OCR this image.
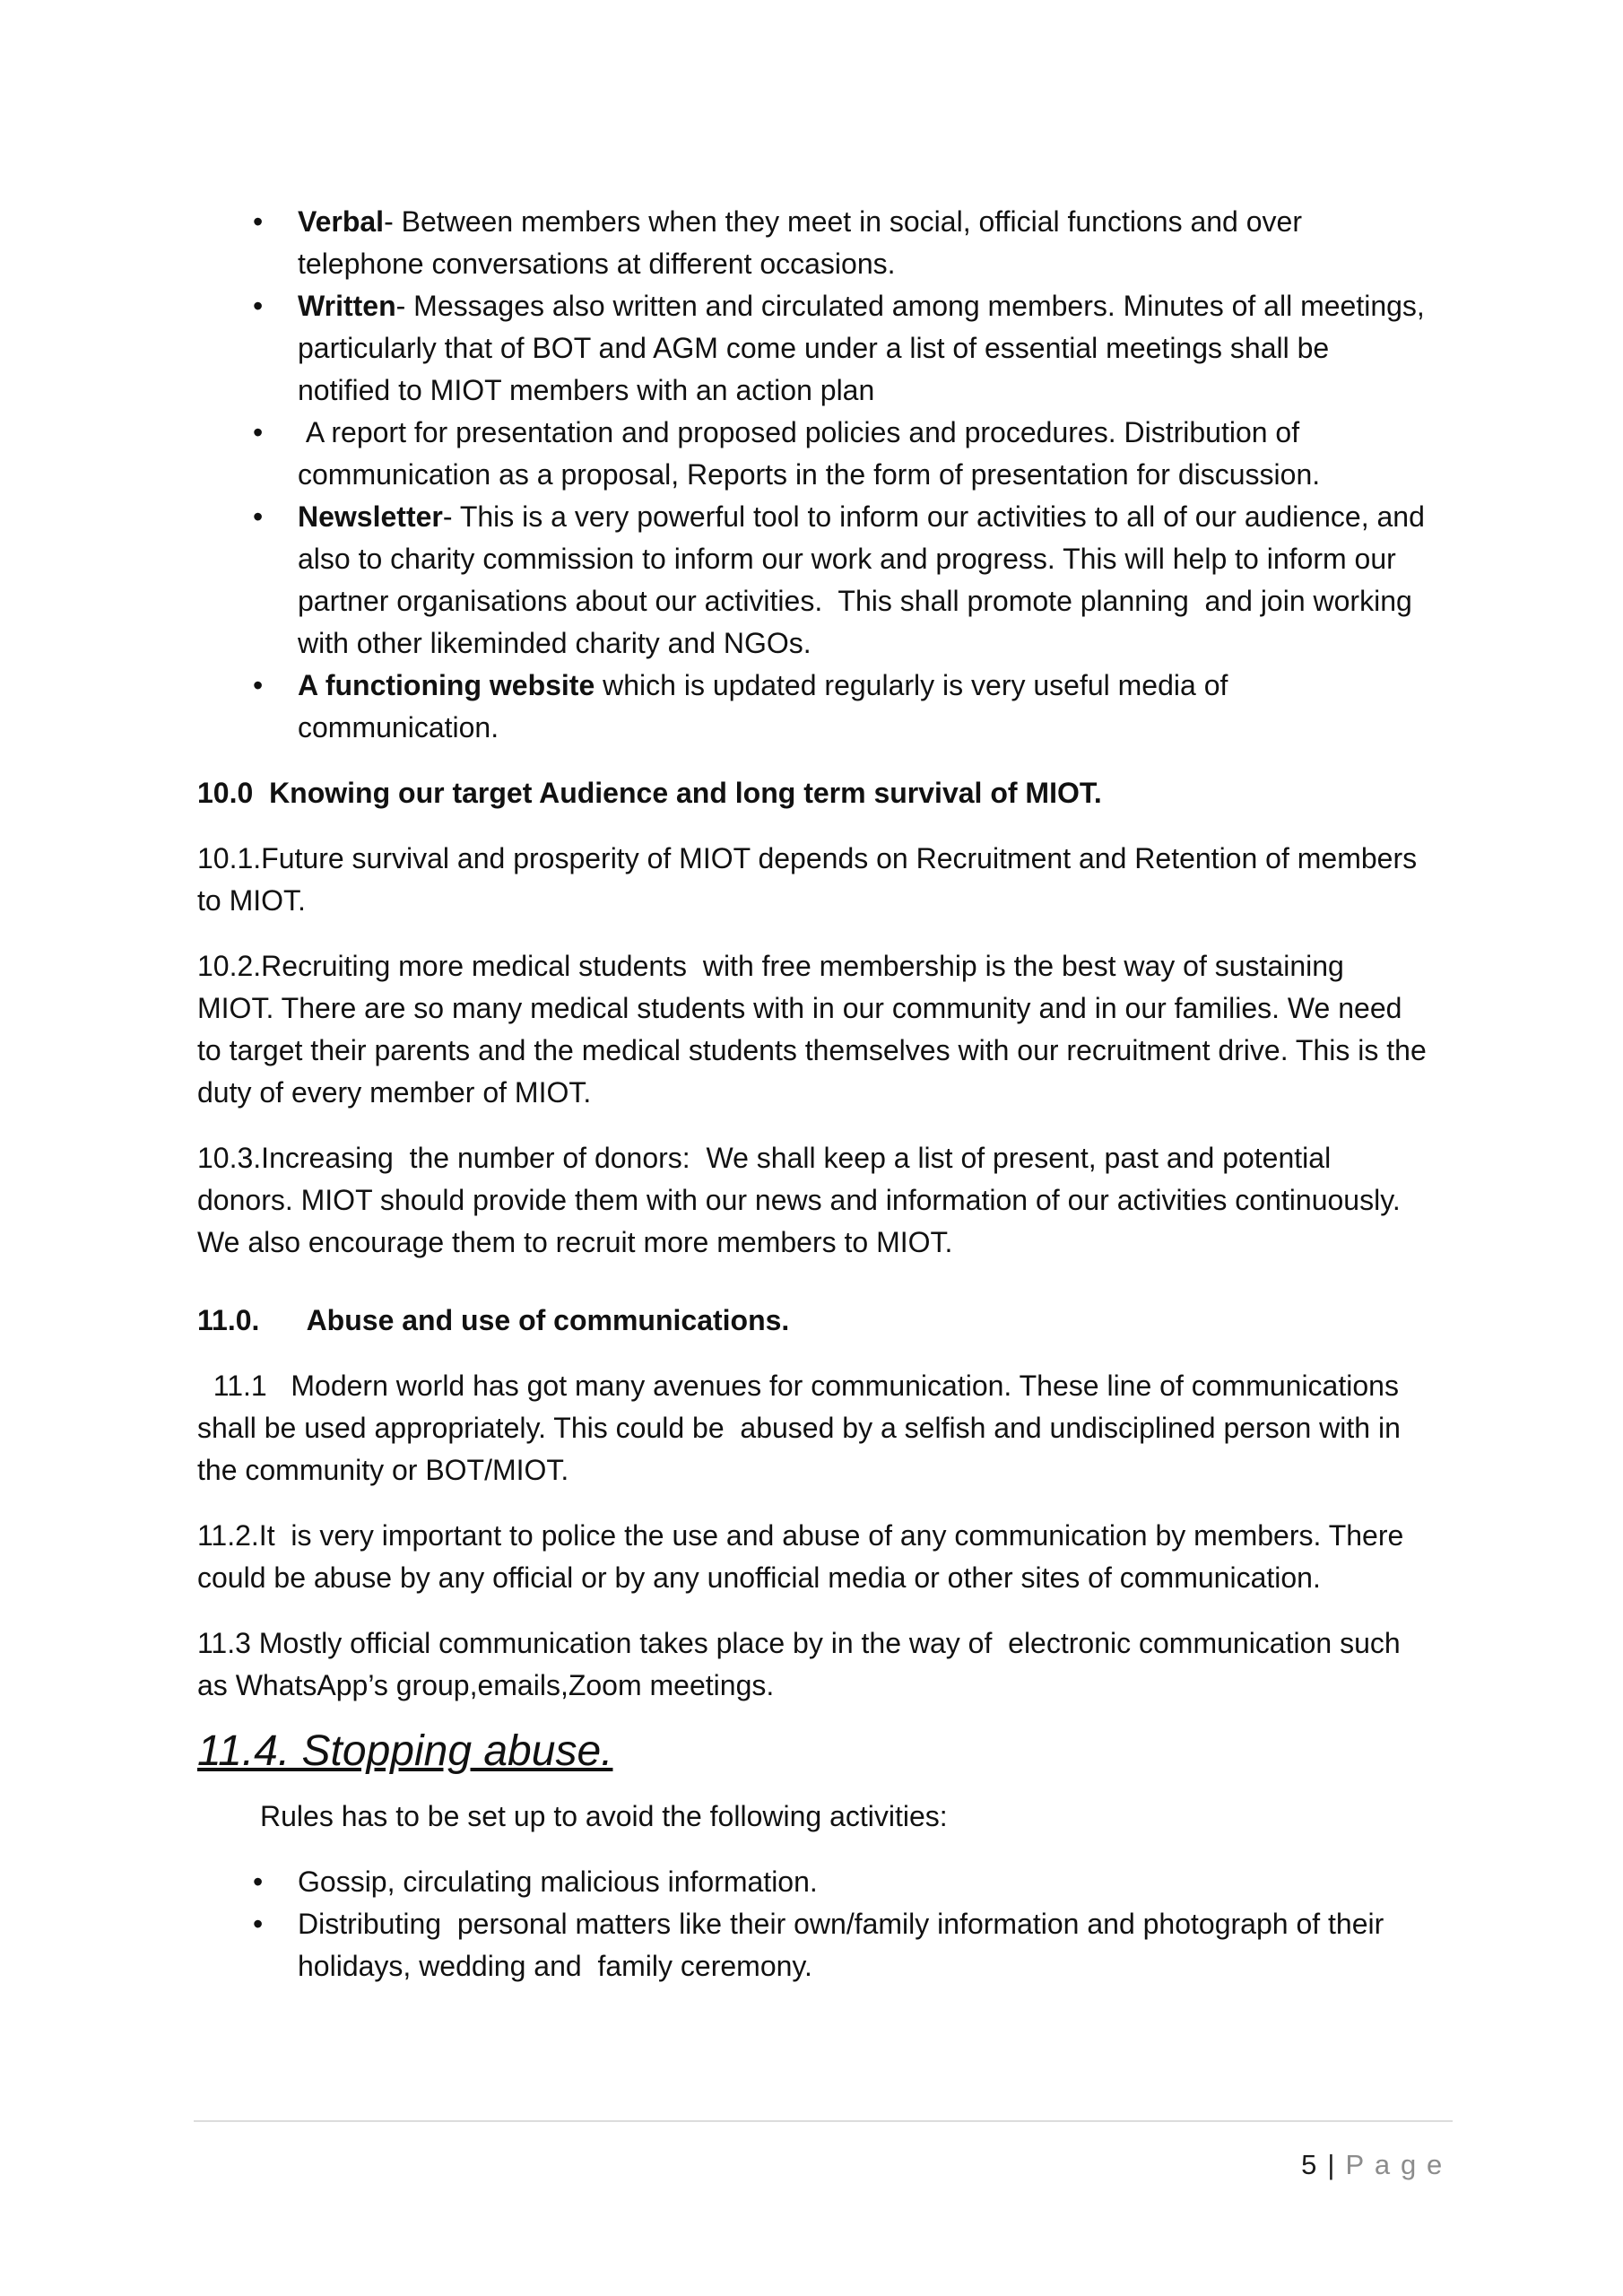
• Verbal- Between members when they meet in social, official functions and over telephone conversations at different occasions.
• Written- Messages also written and circulated among members. Minutes of all meetings, particularly that of BOT and AGM come under a list of essential meetings shall be notified to MIOT members with an action plan
• A report for presentation and proposed policies and procedures. Distribution of communication as a proposal, Reports in the form of presentation for discussion.
• Newsletter- This is a very powerful tool to inform our activities to all of our audience, and also to charity commission to inform our work and progress. This will help to inform our partner organisations about our activities.  This shall promote planning  and join working with other likeminded charity and NGOs.
• A functioning website which is updated regularly is very useful media of communication.
10.0  Knowing our target Audience and long term survival of MIOT.

10.1.Future survival and prosperity of MIOT depends on Recruitment and Retention of members to MIOT.

10.2.Recruiting more medical students  with free membership is the best way of sustaining MIOT. There are so many medical students with in our community and in our families. We need to target their parents and the medical students themselves with our recruitment drive. This is the duty of every member of MIOT.

10.3.Increasing  the number of donors:  We shall keep a list of present, past and potential donors. MIOT should provide them with our news and information of our activities continuously. We also encourage them to recruit more members to MIOT.

11.0.      Abuse and use of communications.

11.1   Modern world has got many avenues for communication. These line of communications shall be used appropriately. This could be  abused by a selfish and undisciplined person with in the community or BOT/MIOT.

11.2.It  is very important to police the use and abuse of any communication by members. There could be abuse by any official or by any unofficial media or other sites of communication.

11.3 Mostly official communication takes place by in the way of  electronic communication such as WhatsApp’s group,emails,Zoom meetings.

11.4. Stopping abuse.

Rules has to be set up to avoid the following activities:

• Gossip, circulating malicious information.
• Distributing  personal matters like their own/family information and photograph of their holidays, wedding and  family ceremony.
5 | Page
